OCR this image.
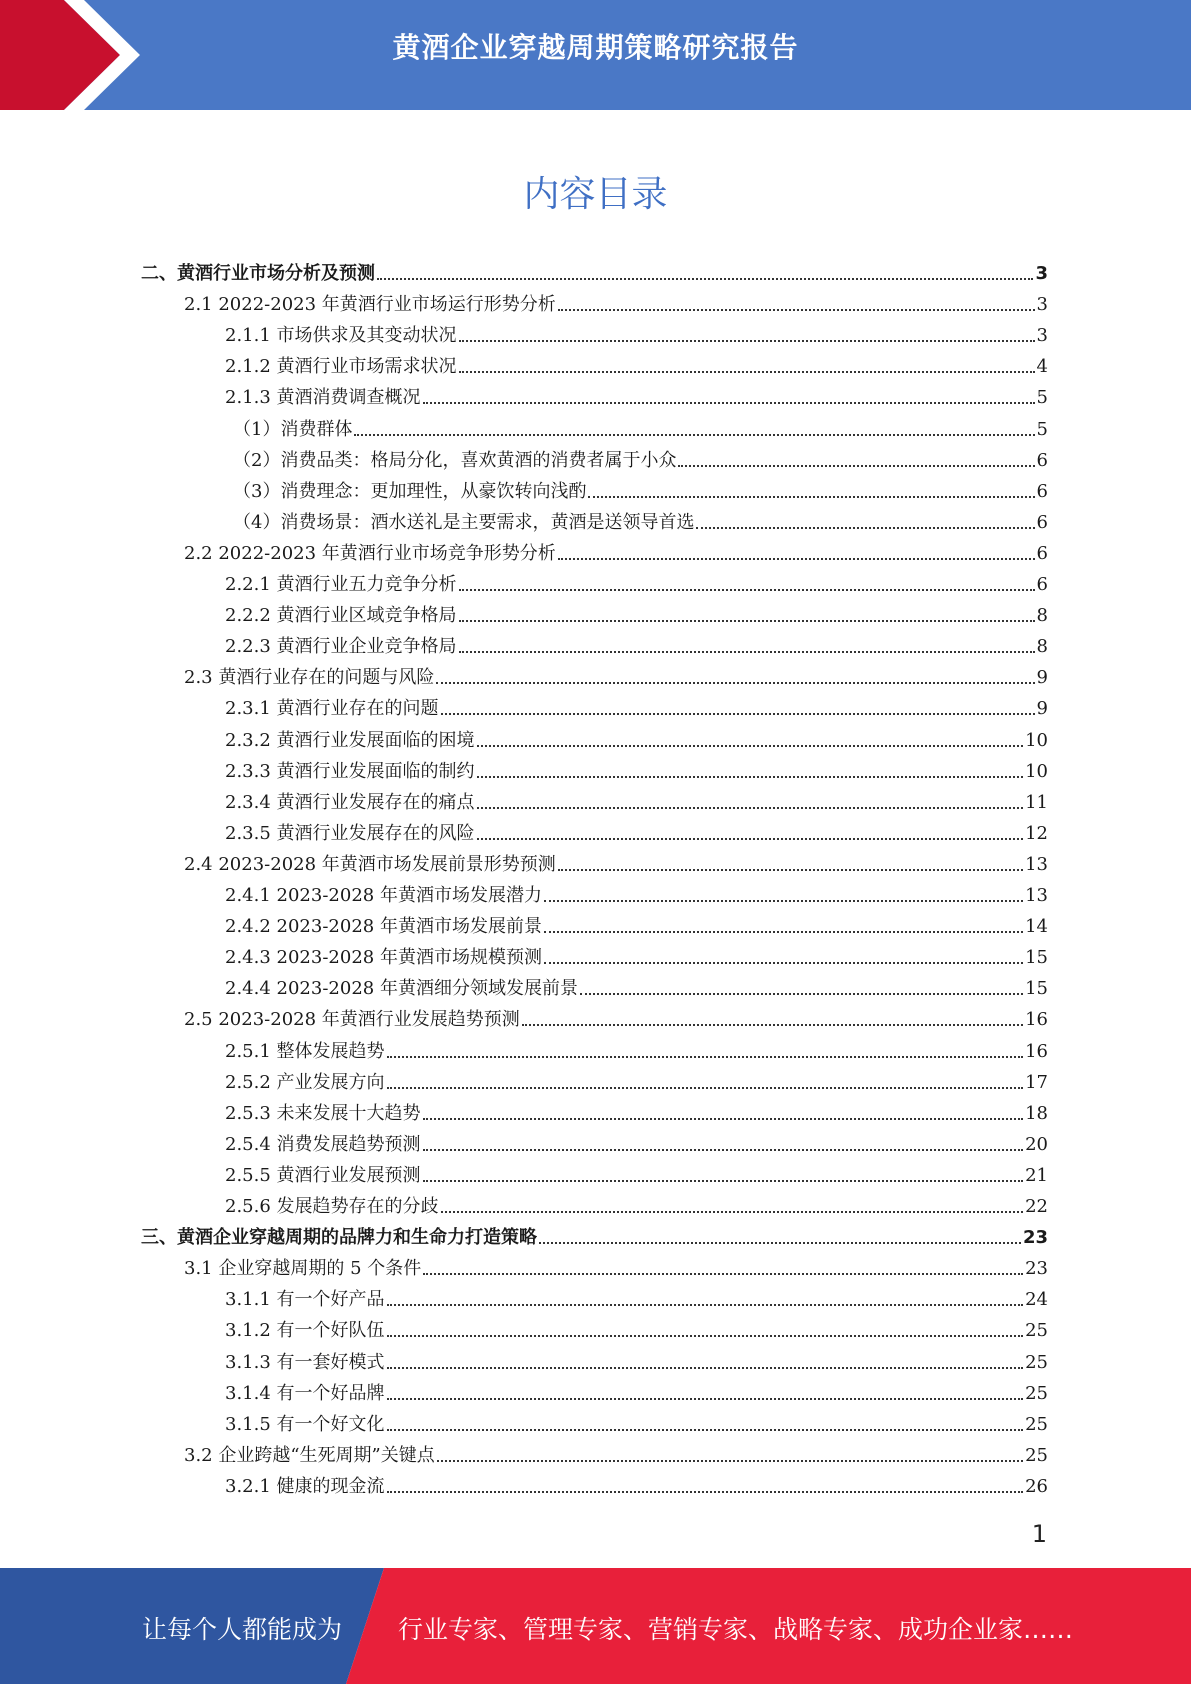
黄酒企业穿越周期策略研究报告
内容目录
二、黄酒行业市场分析及预测	3
2.1 2022-2023 年黄酒行业市场运行形势分析	3
2.1.1 市场供求及其变动状况	3
2.1.2 黄酒行业市场需求状况	4
2.1.3 黄酒消费调查概况	5
（1）消费群体	5
（2）消费品类：格局分化，喜欢黄酒的消费者属于小众	6
（3）消费理念：更加理性，从豪饮转向浅酌	6
（4）消费场景：酒水送礼是主要需求，黄酒是送领导首选	6
2.2 2022-2023 年黄酒行业市场竞争形势分析	6
2.2.1 黄酒行业五力竞争分析	6
2.2.2 黄酒行业区域竞争格局	8
2.2.3 黄酒行业企业竞争格局	8
2.3 黄酒行业存在的问题与风险	9
2.3.1 黄酒行业存在的问题	9
2.3.2 黄酒行业发展面临的困境	10
2.3.3 黄酒行业发展面临的制约	10
2.3.4 黄酒行业发展存在的痛点	11
2.3.5 黄酒行业发展存在的风险	12
2.4 2023-2028 年黄酒市场发展前景形势预测	13
2.4.1 2023-2028 年黄酒市场发展潜力	13
2.4.2 2023-2028 年黄酒市场发展前景	14
2.4.3 2023-2028 年黄酒市场规模预测	15
2.4.4 2023-2028 年黄酒细分领域发展前景	15
2.5 2023-2028 年黄酒行业发展趋势预测	16
2.5.1 整体发展趋势	16
2.5.2 产业发展方向	17
2.5.3 未来发展十大趋势	18
2.5.4 消费发展趋势预测	20
2.5.5 黄酒行业发展预测	21
2.5.6 发展趋势存在的分歧	22
三、黄酒企业穿越周期的品牌力和生命力打造策略	23
3.1 企业穿越周期的 5 个条件	23
3.1.1 有一个好产品	24
3.1.2 有一个好队伍	25
3.1.3 有一套好模式	25
3.1.4 有一个好品牌	25
3.1.5 有一个好文化	25
3.2 企业跨越“生死周期”关键点	25
3.2.1 健康的现金流	26
1
让每个人都能成为 行业专家、管理专家、营销专家、战略专家、成功企业家……
